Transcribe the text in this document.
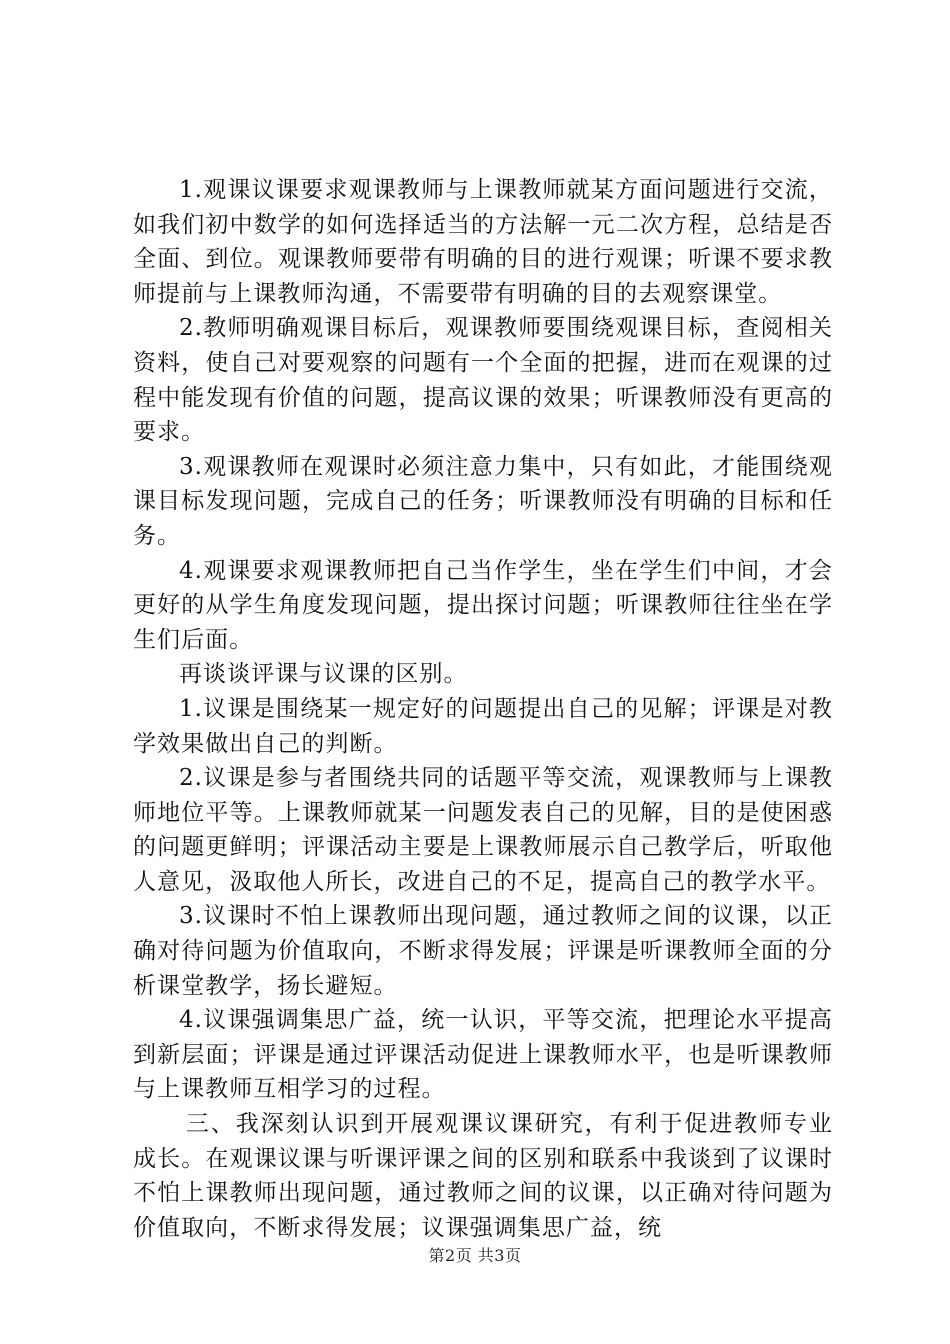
1.观课议课要求观课教师与上课教师就某方面问题进行交流，如我们初中数学的如何选择适当的方法解一元二次方程，总结是否全面、到位。观课教师要带有明确的目的进行观课；听课不要求教师提前与上课教师沟通，不需要带有明确的目的去观察课堂。

2.教师明确观课目标后，观课教师要围绕观课目标，查阅相关资料，使自己对要观察的问题有一个全面的把握，进而在观课的过程中能发现有价值的问题，提高议课的效果；听课教师没有更高的要求。

3.观课教师在观课时必须注意力集中，只有如此，才能围绕观课目标发现问题，完成自己的任务；听课教师没有明确的目标和任务。

4.观课要求观课教师把自己当作学生，坐在学生们中间，才会更好的从学生角度发现问题，提出探讨问题；听课教师往往坐在学生们后面。

再谈谈评课与议课的区别。

1.议课是围绕某一规定好的问题提出自己的见解；评课是对教学效果做出自己的判断。

2.议课是参与者围绕共同的话题平等交流，观课教师与上课教师地位平等。上课教师就某一问题发表自己的见解，目的是使困惑的问题更鲜明；评课活动主要是上课教师展示自己教学后，听取他人意见，汲取他人所长，改进自己的不足，提高自己的教学水平。

3.议课时不怕上课教师出现问题，通过教师之间的议课，以正确对待问题为价值取向，不断求得发展；评课是听课教师全面的分析课堂教学，扬长避短。

4.议课强调集思广益，统一认识，平等交流，把理论水平提高到新层面；评课是通过评课活动促进上课教师水平，也是听课教师与上课教师互相学习的过程。

三、我深刻认识到开展观课议课研究，有利于促进教师专业成长。在观课议课与听课评课之间的区别和联系中我谈到了议课时不怕上课教师出现问题，通过教师之间的议课，以正确对待问题为价值取向，不断求得发展；议课强调集思广益，统

第2页 共3页
